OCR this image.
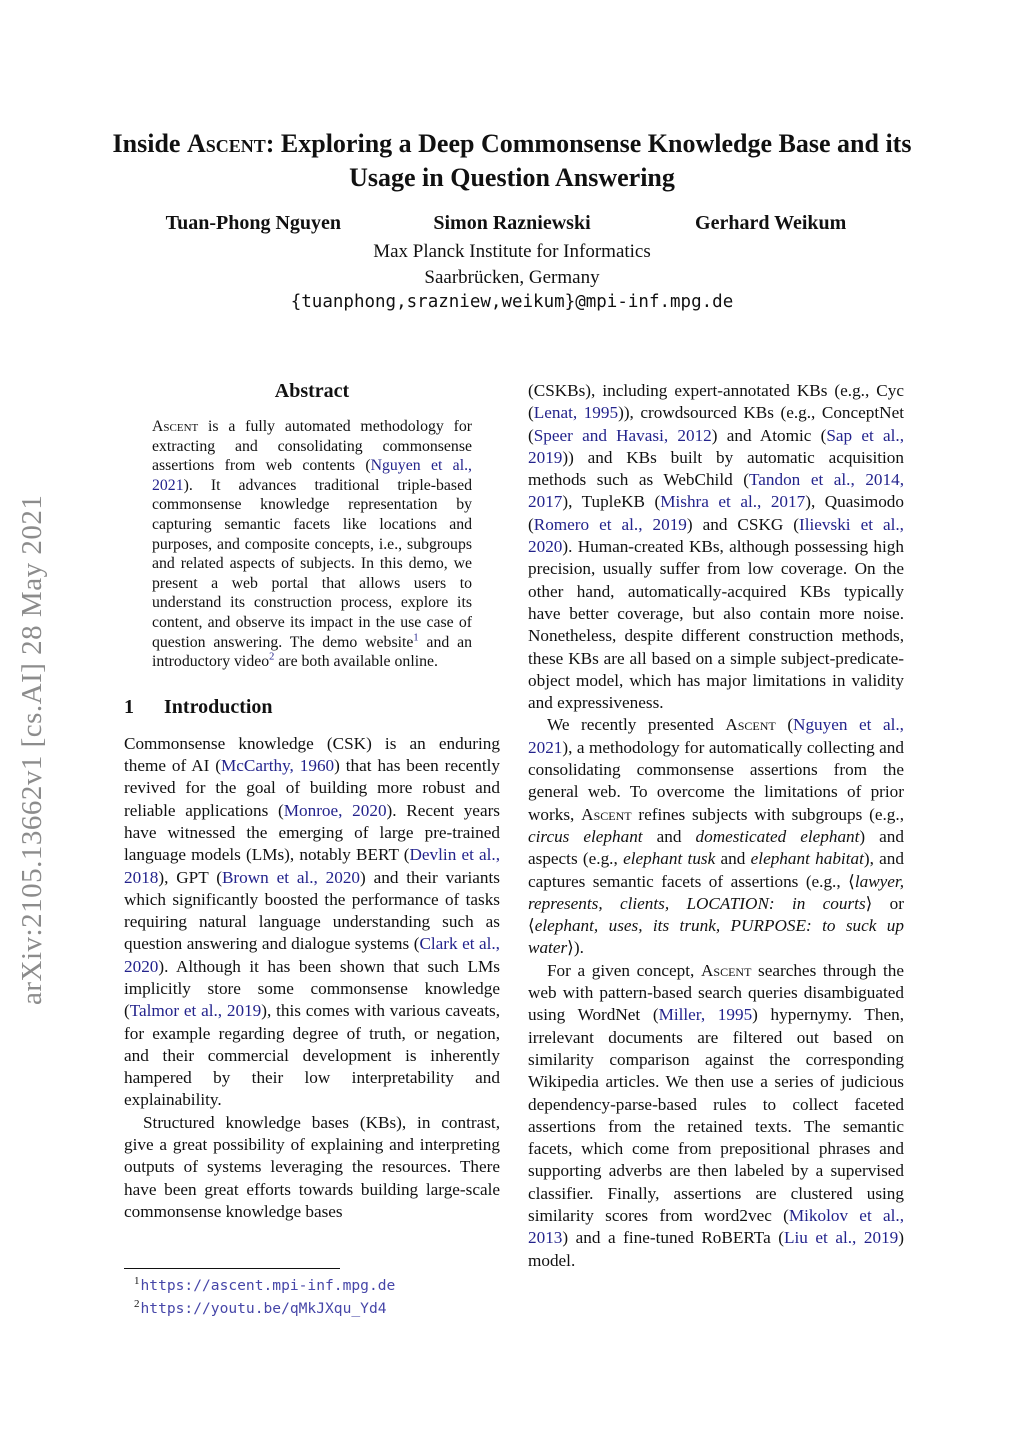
arXiv:2105.13662v1 [cs.AI] 28 May 2021
Inside Ascent: Exploring a Deep Commonsense Knowledge Base and its
Usage in Question Answering
Tuan-Phong Nguyen	Simon Razniewski	Gerhard Weikum
Max Planck Institute for Informatics
Saarbrücken, Germany
{tuanphong,srazniew,weikum}@mpi-inf.mpg.de
Abstract

Ascent is a fully automated methodology for extracting and consolidating commonsense assertions from web contents (Nguyen et al., 2021). It advances traditional triple-based commonsense knowledge representation by capturing semantic facets like locations and purposes, and composite concepts, i.e., subgroups and related aspects of subjects. In this demo, we present a web portal that allows users to understand its construction process, explore its content, and observe its impact in the use case of question answering. The demo website$^1$ and an introductory video$^2$ are both available online.

1	Introduction

Commonsense knowledge (CSK) is an enduring theme of AI (McCarthy, 1960) that has been recently revived for the goal of building more robust and reliable applications (Monroe, 2020). Recent years have witnessed the emerging of large pre-trained language models (LMs), notably BERT (Devlin et al., 2018), GPT (Brown et al., 2020) and their variants which significantly boosted the performance of tasks requiring natural language understanding such as question answering and dialogue systems (Clark et al., 2020). Although it has been shown that such LMs implicitly store some commonsense knowledge (Talmor et al., 2019), this comes with various caveats, for example regarding degree of truth, or negation, and their commercial development is inherently hampered by their low interpretability and explainability.

Structured knowledge bases (KBs), in contrast, give a great possibility of explaining and interpreting outputs of systems leveraging the resources. There have been great efforts towards building large-scale commonsense knowledge bases

(CSKBs), including expert-annotated KBs (e.g., Cyc (Lenat, 1995)), crowdsourced KBs (e.g., ConceptNet (Speer and Havasi, 2012) and Atomic (Sap et al., 2019)) and KBs built by automatic acquisition methods such as WebChild (Tandon et al., 2014, 2017), TupleKB (Mishra et al., 2017), Quasimodo (Romero et al., 2019) and CSKG (Ilievski et al., 2020). Human-created KBs, although possessing high precision, usually suffer from low coverage. On the other hand, automatically-acquired KBs typically have better coverage, but also contain more noise. Nonetheless, despite different construction methods, these KBs are all based on a simple subject-predicate-object model, which has major limitations in validity and expressiveness.

We recently presented Ascent (Nguyen et al., 2021), a methodology for automatically collecting and consolidating commonsense assertions from the general web. To overcome the limitations of prior works, Ascent refines subjects with subgroups (e.g., circus elephant and domesticated elephant) and aspects (e.g., elephant tusk and elephant habitat), and captures semantic facets of assertions (e.g., ⟨lawyer, represents, clients, LOCATION: in courts⟩ or ⟨elephant, uses, its trunk, PURPOSE: to suck up water⟩).

For a given concept, Ascent searches through the web with pattern-based search queries disambiguated using WordNet (Miller, 1995) hypernymy. Then, irrelevant documents are filtered out based on similarity comparison against the corresponding Wikipedia articles. We then use a series of judicious dependency-parse-based rules to collect faceted assertions from the retained texts. The semantic facets, which come from prepositional phrases and supporting adverbs are then labeled by a supervised classifier. Finally, assertions are clustered using similarity scores from word2vec (Mikolov et al., 2013) and a fine-tuned RoBERTa (Liu et al., 2019) model.

$^1$https://ascent.mpi-inf.mpg.de
$^2$https://youtu.be/qMkJXqu_Yd4
